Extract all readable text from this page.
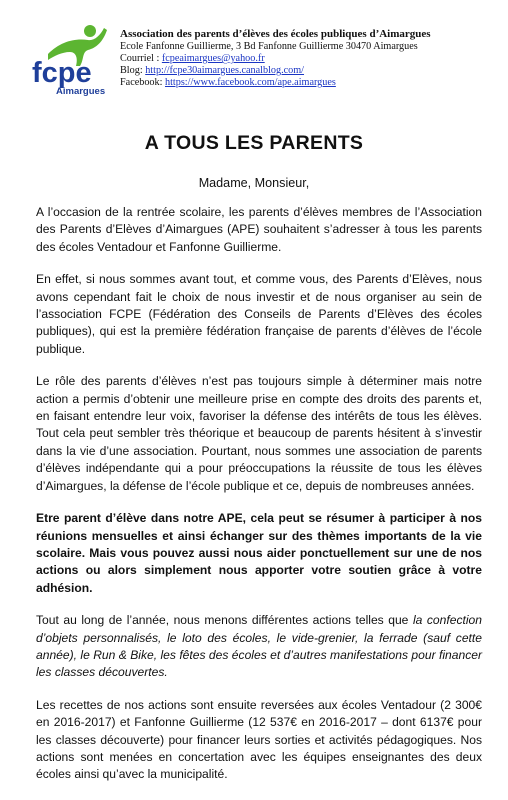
fcpe
Aimargues
Association des parents d’élèves des écoles publiques d’Aimargues
Ecole Fanfonne Guillierme, 3 Bd Fanfonne Guillierme 30470 Aimargues
Courriel : fcpeaimargues@yahoo.fr
Blog: http://fcpe30aimargues.canalblog.com/
Facebook: https://www.facebook.com/ape.aimargues
A TOUS LES PARENTS
Madame, Monsieur,

A l’occasion de la rentrée scolaire, les parents d’élèves membres de l’Association des Parents d’Elèves d’Aimargues (APE) souhaitent s’adresser à tous les parents des écoles Ventadour et Fanfonne Guillierme.

En effet, si nous sommes avant tout, et comme vous, des Parents d’Elèves, nous avons cependant fait le choix de nous investir et de nous organiser au sein de l’association FCPE (Fédération des Conseils de Parents d’Elèves des écoles publiques), qui est la première fédération française de parents d’élèves de l’école publique.

Le rôle des parents d’élèves n’est pas toujours simple à déterminer mais notre action a permis d’obtenir une meilleure prise en compte des droits des parents et, en faisant entendre leur voix, favoriser la défense des intérêts de tous les élèves. Tout cela peut sembler très théorique et beaucoup de parents hésitent à s’investir dans la vie d’une association. Pourtant, nous sommes une association de parents d’élèves indépendante qui a pour préoccupations la réussite de tous les élèves d’Aimargues, la défense de l’école publique et ce, depuis de nombreuses années.

Etre parent d’élève dans notre APE, cela peut se résumer à participer à nos réunions mensuelles et ainsi échanger sur des thèmes importants de la vie scolaire. Mais vous pouvez aussi nous aider ponctuellement sur une de nos actions ou alors simplement nous apporter votre soutien grâce à votre adhésion.

Tout au long de l’année, nous menons différentes actions telles que la confection d’objets personnalisés, le loto des écoles, le vide-grenier, la ferrade (sauf cette année), le Run & Bike, les fêtes des écoles et d’autres manifestations pour financer les classes découvertes.

Les recettes de nos actions sont ensuite reversées aux écoles Ventadour (2 300€ en 2016-2017) et Fanfonne Guillierme (12 537€ en 2016-2017 – dont 6137€ pour les classes découverte) pour financer leurs sorties et activités pédagogiques. Nos actions sont menées en concertation avec les équipes enseignantes des deux écoles ainsi qu’avec la municipalité.
